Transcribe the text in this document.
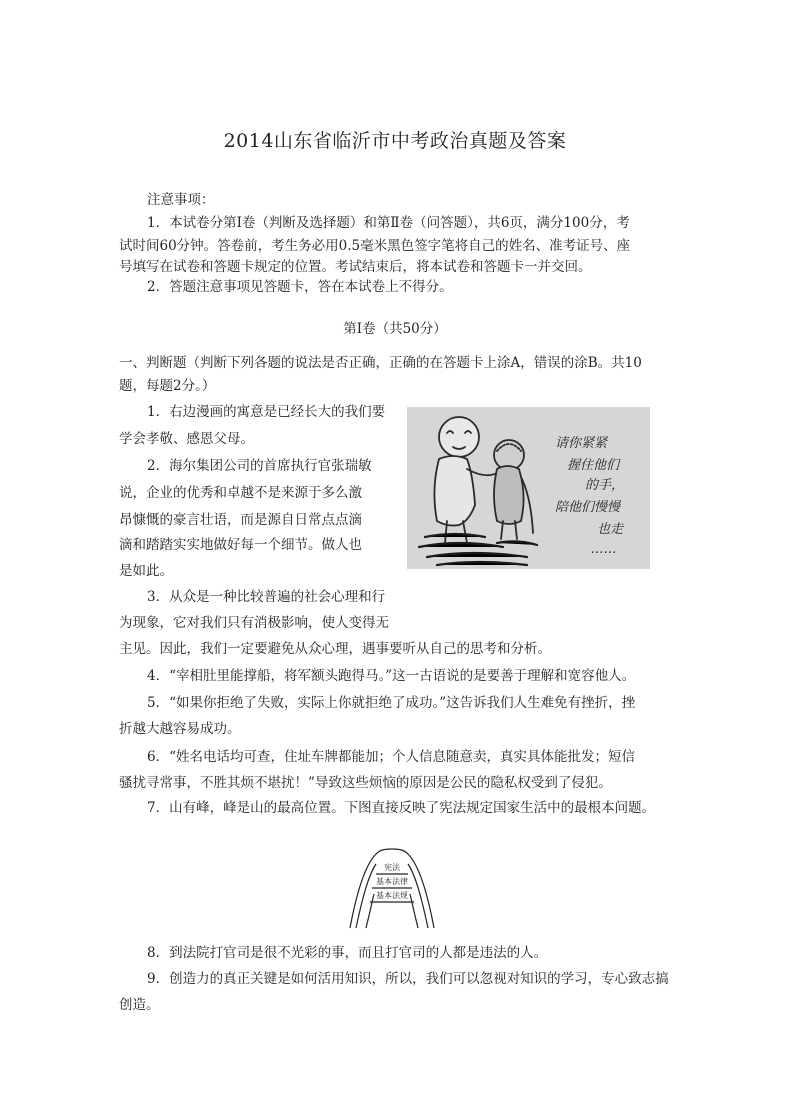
2014山东省临沂市中考政治真题及答案
注意事项：
1．本试卷分第Ⅰ卷（判断及选择题）和第Ⅱ卷（问答题），共6页，满分100分，考
试时间60分钟。答卷前，考生务必用0.5毫米黑色签字笔将自己的姓名、准考证号、座
号填写在试卷和答题卡规定的位置。考试结束后，将本试卷和答题卡一并交回。
2．答题注意事项见答题卡，答在本试卷上不得分。
第Ⅰ卷（共50分）
一、判断题（判断下列各题的说法是否正确，正确的在答题卡上涂A，错误的涂B。共10
题，每题2分。）
1．右边漫画的寓意是已经长大的我们要
学会孝敬、感恩父母。
2．海尔集团公司的首席执行官张瑞敏
说，企业的优秀和卓越不是来源于多么激
昂慷慨的豪言壮语，而是源自日常点点滴
滴和踏踏实实地做好每一个细节。做人也
是如此。
3．从众是一种比较普遍的社会心理和行
为现象，它对我们只有消极影响，使人变得无
主见。因此，我们一定要避免从众心理，遇事要听从自己的思考和分析。
4．“宰相肚里能撑船，将军额头跑得马。”这一古语说的是要善于理解和宽容他人。
5．“如果你拒绝了失败，实际上你就拒绝了成功。”这告诉我们人生难免有挫折，挫
折越大越容易成功。
6．“姓名电话均可查，住址车牌都能加；个人信息随意卖，真实具体能批发；短信
骚扰寻常事，不胜其烦不堪扰！”导致这些烦恼的原因是公民的隐私权受到了侵犯。
7．山有峰，峰是山的最高位置。下图直接反映了宪法规定国家生活中的最根本问题。
8．到法院打官司是很不光彩的事，而且打官司的人都是违法的人。
9．创造力的真正关键是如何活用知识，所以，我们可以忽视对知识的学习，专心致志搞
创造。
请你紧紧
握住他们
的手，
陪他们慢慢
也走
……
宪法
基本法律
基本法规
